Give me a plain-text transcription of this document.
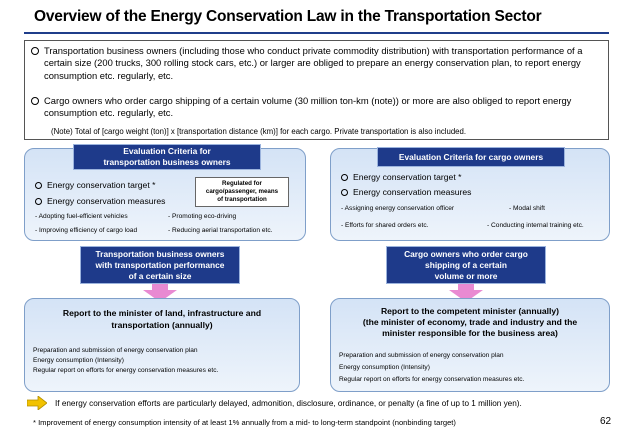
Overview of the Energy Conservation Law in the Transportation Sector
Transportation business owners (including those who conduct private commodity distribution) with transportation performance of a certain size (200 trucks, 300 rolling stock cars, etc.) or larger are obliged to prepare an energy conservation plan, to report energy consumption etc. regularly, etc.
Cargo owners who order cargo shipping of a certain volume (30 million ton-km (note)) or more are also obliged to report energy consumption etc. regularly, etc.
(Note) Total of [cargo weight (ton)] x [transportation distance (km)] for each cargo. Private transportation is also included.
Evaluation Criteria for
transportation business owners
Energy conservation target *
Energy conservation measures
Regulated for
cargo/passenger, means
of transportation
- Adopting fuel-efficient vehicles	- Promoting eco-driving
- Improving efficiency of cargo load	- Reducing aerial transportation etc.
Evaluation Criteria for cargo owners
Energy conservation target *
Energy conservation measures
- Assigning energy conservation officer	- Modal shift
- Efforts for shared orders etc.	- Conducting internal training etc.
Transportation business owners
with transportation performance
of a certain size
Cargo owners who order cargo
shipping of a certain
volume or more
Report to the minister of land, infrastructure and
transportation (annually)
Preparation and submission of energy conservation plan
Energy consumption (Intensity)
Regular report on efforts for energy conservation measures etc.
Report to the competent minister (annually)
(the minister of economy, trade and industry and the
minister responsible for the business area)
Preparation and submission of energy conservation plan
Energy consumption (Intensity)
Regular report on efforts for energy conservation measures etc.
If energy conservation efforts are particularly delayed, admonition, disclosure, ordinance, or penalty (a fine of up to 1 million yen).
* Improvement of energy consumption intensity of at least 1% annually from a mid- to long-term standpoint (nonbinding target)	62
